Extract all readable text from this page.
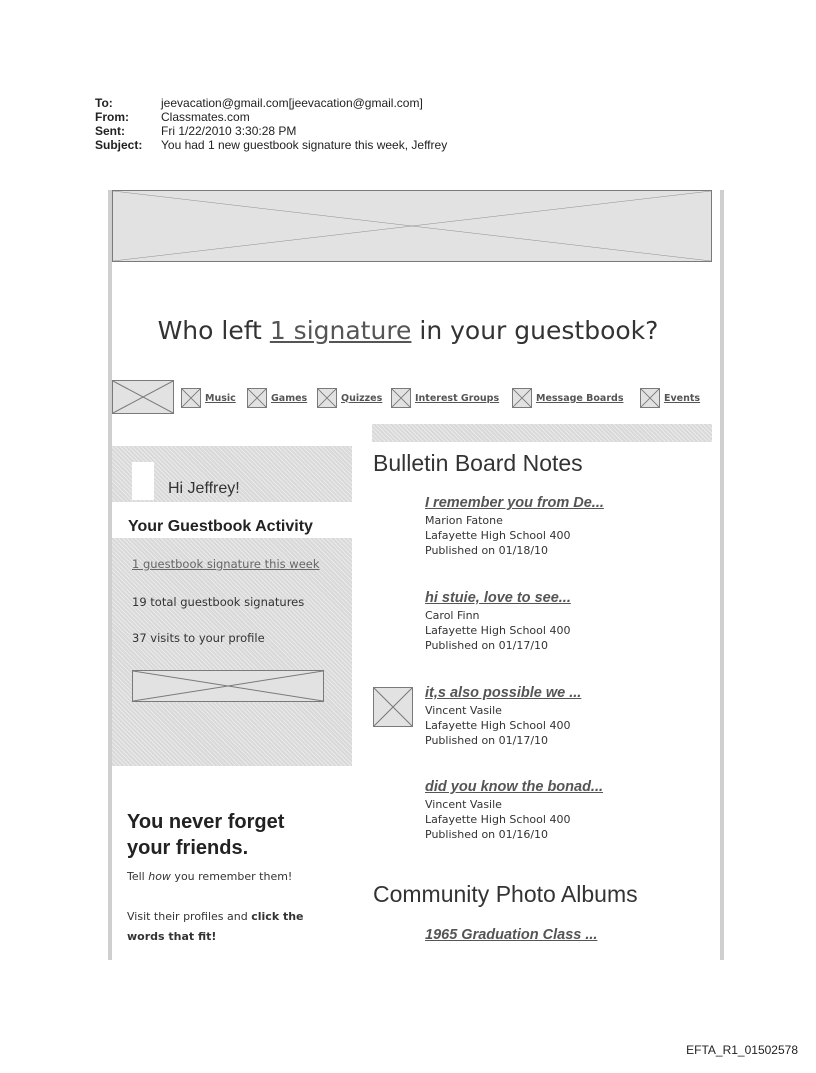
To:	jeevacation@gmail.com[jeevacation@gmail.com]
From:	Classmates.com
Sent:	Fri 1/22/2010 3:30:28 PM
Subject:	You had 1 new guestbook signature this week, Jeffrey
Who left 1 signature in your guestbook?
Music	Games	Quizzes	Interest Groups	Message Boards	Events
Hi Jeffrey!
Your Guestbook Activity
1 guestbook signature this week
19 total guestbook signatures
37 visits to your profile
You never forget
your friends.
Tell how you remember them!
Visit their profiles and click the
words that fit!
Bulletin Board Notes
I remember you from De...
Marion Fatone
Lafayette High School 400
Published on 01/18/10
hi stuie, love to see...
Carol Finn
Lafayette High School 400
Published on 01/17/10
it,s also possible we ...
Vincent Vasile
Lafayette High School 400
Published on 01/17/10
did you know the bonad...
Vincent Vasile
Lafayette High School 400
Published on 01/16/10
Community Photo Albums
1965 Graduation Class ...
EFTA_R1_01502578
